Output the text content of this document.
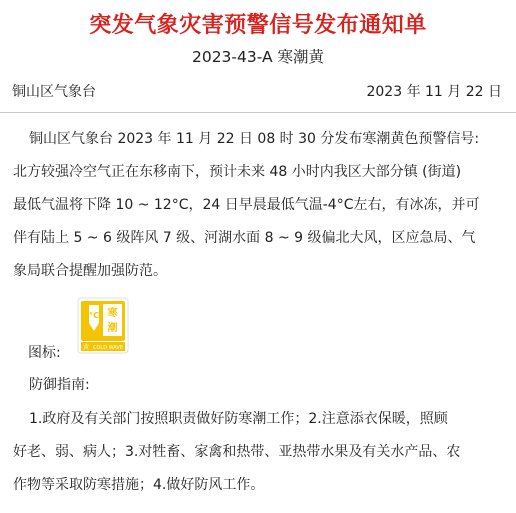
突发气象灾害预警信号发布通知单
2023-43-A 寒潮黄
铜山区气象台	2023 年 11 月 22 日
铜山区气象台 2023 年 11 月 22 日 08 时 30 分发布寒潮黄色预警信号:
北方较强冷空气正在东移南下，预计未来 48 小时内我区大部分镇 (街道)
最低气温将下降 10 ~ 12°C，24 日早晨最低气温-4°C左右，有冰冻，并可
伴有陆上 5 ~ 6 级阵风 7 级、河湖水面 8 ~ 9 级偏北大风，区应急局、气
象局联合提醒加强防范。
图标:
°C 寒
潮
黄 COLD WAVE
防御指南:
1.政府及有关部门按照职责做好防寒潮工作；2.注意添衣保暖，照顾
好老、弱、病人；3.对牲畜、家禽和热带、亚热带水果及有关水产品、农
作物等采取防寒措施；4.做好防风工作。
